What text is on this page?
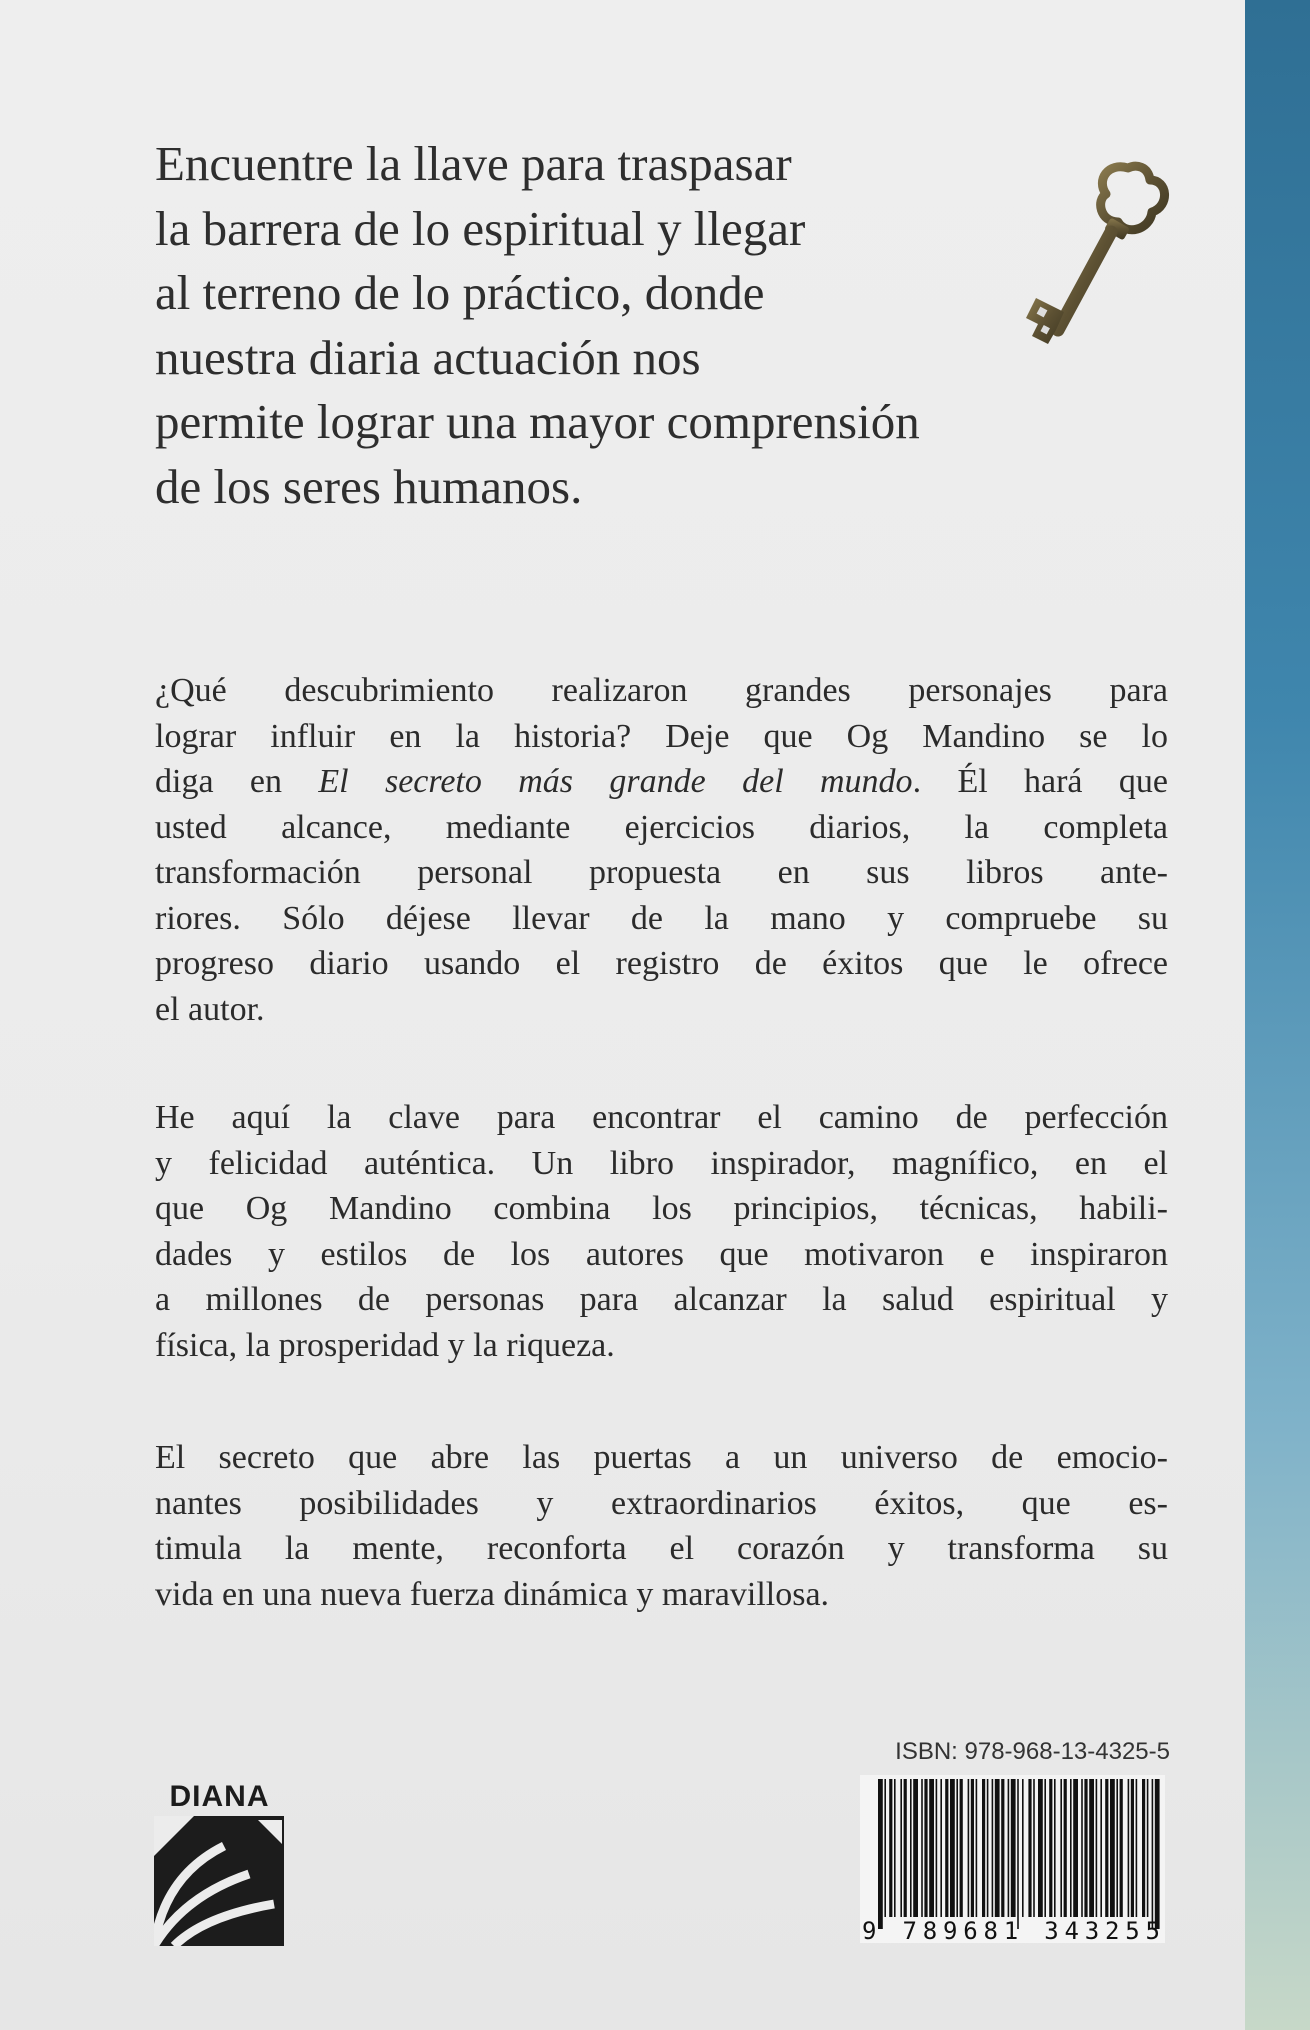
Encuentre la llave para traspasar
la barrera de lo espiritual y llegar
al terreno de lo práctico, donde
nuestra diaria actuación nos
permite lograr una mayor comprensión
de los seres humanos.

¿Qué descubrimiento realizaron grandes personajes para
lograr influir en la historia? Deje que Og Mandino se lo
diga en El secreto más grande del mundo. Él hará que
usted alcance, mediante ejercicios diarios, la completa
transformación personal propuesta en sus libros ante-
riores. Sólo déjese llevar de la mano y compruebe su
progreso diario usando el registro de éxitos que le ofrece
el autor.

He aquí la clave para encontrar el camino de perfección
y felicidad auténtica. Un libro inspirador, magnífico, en el
que Og Mandino combina los principios, técnicas, habili-
dades y estilos de los autores que motivaron e inspiraron
a millones de personas para alcanzar la salud espiritual y
física, la prosperidad y la riqueza.

El secreto que abre las puertas a un universo de emocio-
nantes posibilidades y extraordinarios éxitos, que es-
timula la mente, reconforta el corazón y transforma su
vida en una nueva fuerza dinámica y maravillosa.

DIANA
ISBN: 978-968-13-4325-5
9 789681 343255
